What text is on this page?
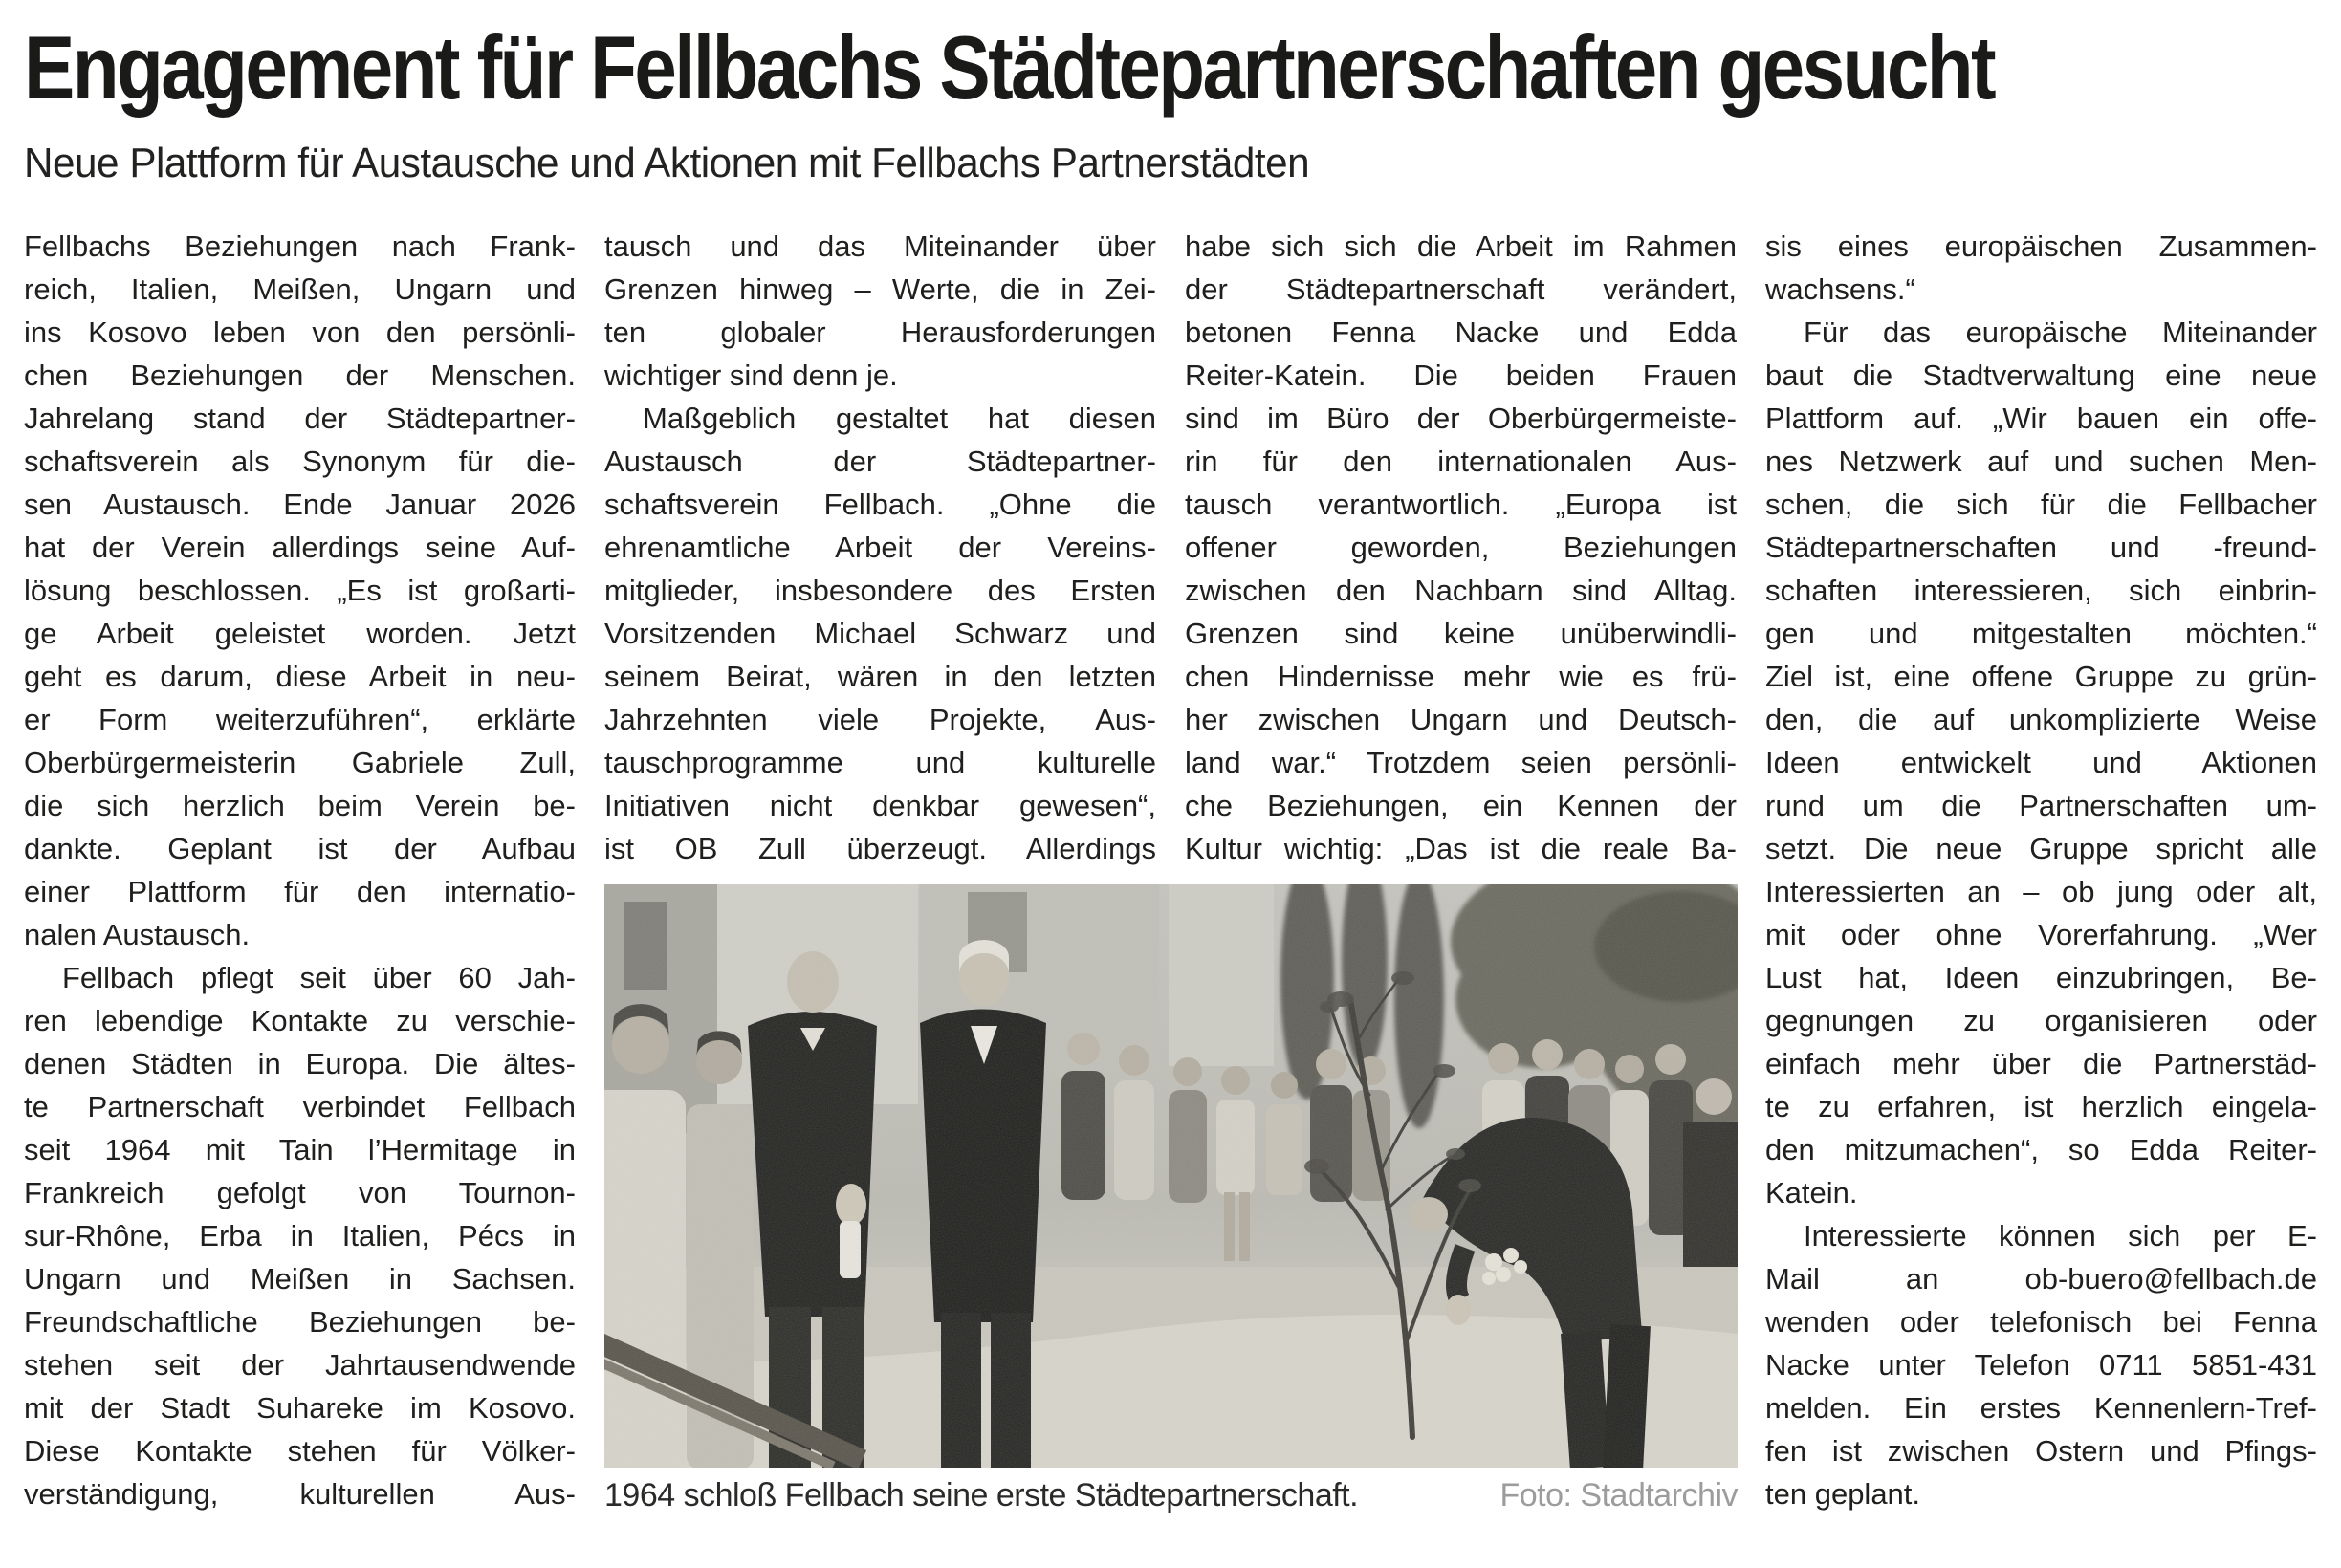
Engagement für Fellbachs Städtepartnerschaften gesucht
Neue Plattform für Austausche und Aktionen mit Fellbachs Partnerstädten
Fellbachs Beziehungen nach Frank-
reich, Italien, Meißen, Ungarn und
ins Kosovo leben von den persönli-
chen Beziehungen der Menschen.
Jahrelang stand der Städtepartner-
schaftsverein als Synonym für die-
sen Austausch. Ende Januar 2026
hat der Verein allerdings seine Auf-
lösung beschlossen. „Es ist großarti-
ge Arbeit geleistet worden. Jetzt
geht es darum, diese Arbeit in neu-
er Form weiterzuführen“, erklärte
Oberbürgermeisterin Gabriele Zull,
die sich herzlich beim Verein be-
dankte. Geplant ist der Aufbau
einer Plattform für den internatio-
nalen Austausch.
Fellbach pflegt seit über 60 Jah-
ren lebendige Kontakte zu verschie-
denen Städten in Europa. Die ältes-
te Partnerschaft verbindet Fellbach
seit 1964 mit Tain l’Hermitage in
Frankreich gefolgt von Tournon-
sur-Rhône, Erba in Italien, Pécs in
Ungarn und Meißen in Sachsen.
Freundschaftliche Beziehungen be-
stehen seit der Jahrtausendwende
mit der Stadt Suhareke im Kosovo.
Diese Kontakte stehen für Völker-
verständigung, kulturellen Aus-
tausch und das Miteinander über
Grenzen hinweg – Werte, die in Zei-
ten globaler Herausforderungen
wichtiger sind denn je.
Maßgeblich gestaltet hat diesen
Austausch der Städtepartner-
schaftsverein Fellbach. „Ohne die
ehrenamtliche Arbeit der Vereins-
mitglieder, insbesondere des Ersten
Vorsitzenden Michael Schwarz und
seinem Beirat, wären in den letzten
Jahrzehnten viele Projekte, Aus-
tauschprogramme und kulturelle
Initiativen nicht denkbar gewesen“,
ist OB Zull überzeugt. Allerdings
habe sich sich die Arbeit im Rahmen
der Städtepartnerschaft verändert,
betonen Fenna Nacke und Edda
Reiter-Katein. Die beiden Frauen
sind im Büro der Oberbürgermeiste-
rin für den internationalen Aus-
tausch verantwortlich. „Europa ist
offener geworden, Beziehungen
zwischen den Nachbarn sind Alltag.
Grenzen sind keine unüberwindli-
chen Hindernisse mehr wie es frü-
her zwischen Ungarn und Deutsch-
land war.“ Trotzdem seien persönli-
che Beziehungen, ein Kennen der
Kultur wichtig: „Das ist die reale Ba-
sis eines europäischen Zusammen-
wachsens.“
Für das europäische Miteinander
baut die Stadtverwaltung eine neue
Plattform auf. „Wir bauen ein offe-
nes Netzwerk auf und suchen Men-
schen, die sich für die Fellbacher
Städtepartnerschaften und -freund-
schaften interessieren, sich einbrin-
gen und mitgestalten möchten.“
Ziel ist, eine offene Gruppe zu grün-
den, die auf unkomplizierte Weise
Ideen entwickelt und Aktionen
rund um die Partnerschaften um-
setzt. Die neue Gruppe spricht alle
Interessierten an – ob jung oder alt,
mit oder ohne Vorerfahrung. „Wer
Lust hat, Ideen einzubringen, Be-
gegnungen zu organisieren oder
einfach mehr über die Partnerstäd-
te zu erfahren, ist herzlich eingela-
den mitzumachen“, so Edda Reiter-
Katein.
Interessierte können sich per E-
Mail an ob-buero@fellbach.de
wenden oder telefonisch bei Fenna
Nacke unter Telefon 0711 5851-431
melden. Ein erstes Kennenlern-Tref-
fen ist zwischen Ostern und Pfings-
ten geplant.
1964 schloß Fellbach seine erste Städtepartnerschaft.	Foto: Stadtarchiv
